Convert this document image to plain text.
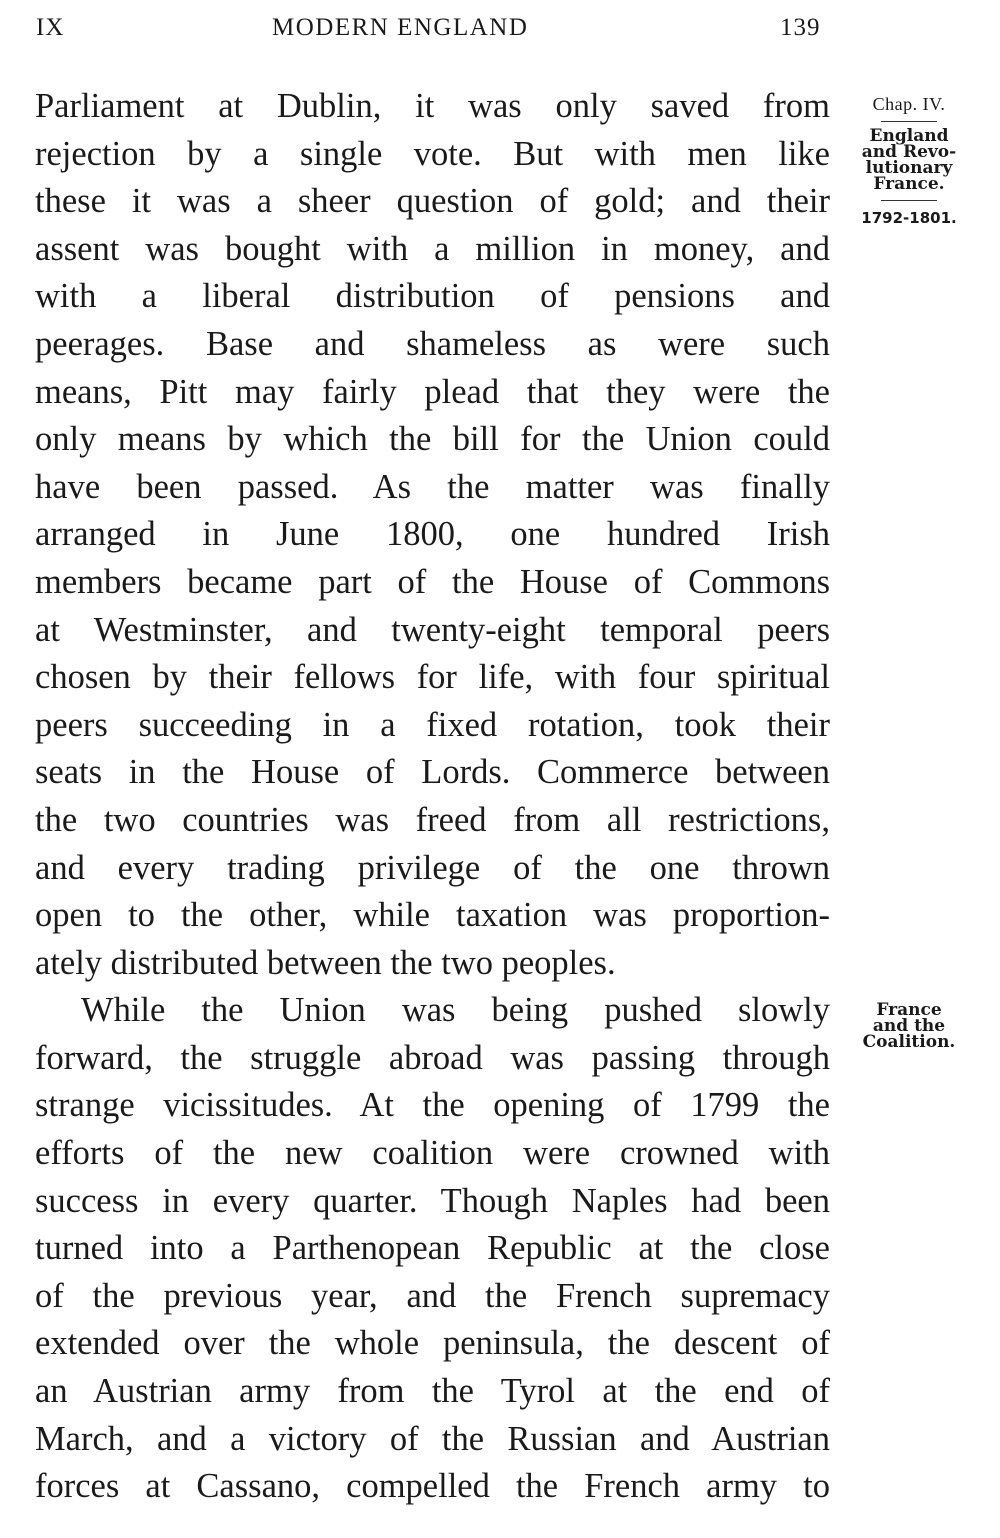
IX	MODERN ENGLAND	139

Parliament at Dublin, it was only saved from

rejection by a single vote. But with men like

these it was a sheer question of gold; and their

assent was bought with a million in money, and

with a liberal distribution of pensions and

peerages. Base and shameless as were such

means, Pitt may fairly plead that they were the

only means by which the bill for the Union could

have been passed. As the matter was finally

arranged in June 1800, one hundred Irish

members became part of the House of Commons

at Westminster, and twenty-eight temporal peers

chosen by their fellows for life, with four spiritual

peers succeeding in a fixed rotation, took their

seats in the House of Lords. Commerce between

the two countries was freed from all restrictions,

and every trading privilege of the one thrown

open to the other, while taxation was proportion-

ately distributed between the two peoples.

While the Union was being pushed slowly

forward, the struggle abroad was passing through

strange vicissitudes. At the opening of 1799 the

efforts of the new coalition were crowned with

success in every quarter. Though Naples had been

turned into a Parthenopean Republic at the close

of the previous year, and the French supremacy

extended over the whole peninsula, the descent of

an Austrian army from the Tyrol at the end of

March, and a victory of the Russian and Austrian

forces at Cassano, compelled the French army to

Chap. IV.
England
and Revo-
lutionary
France.
1792-1801.
France
and the
Coalition.
